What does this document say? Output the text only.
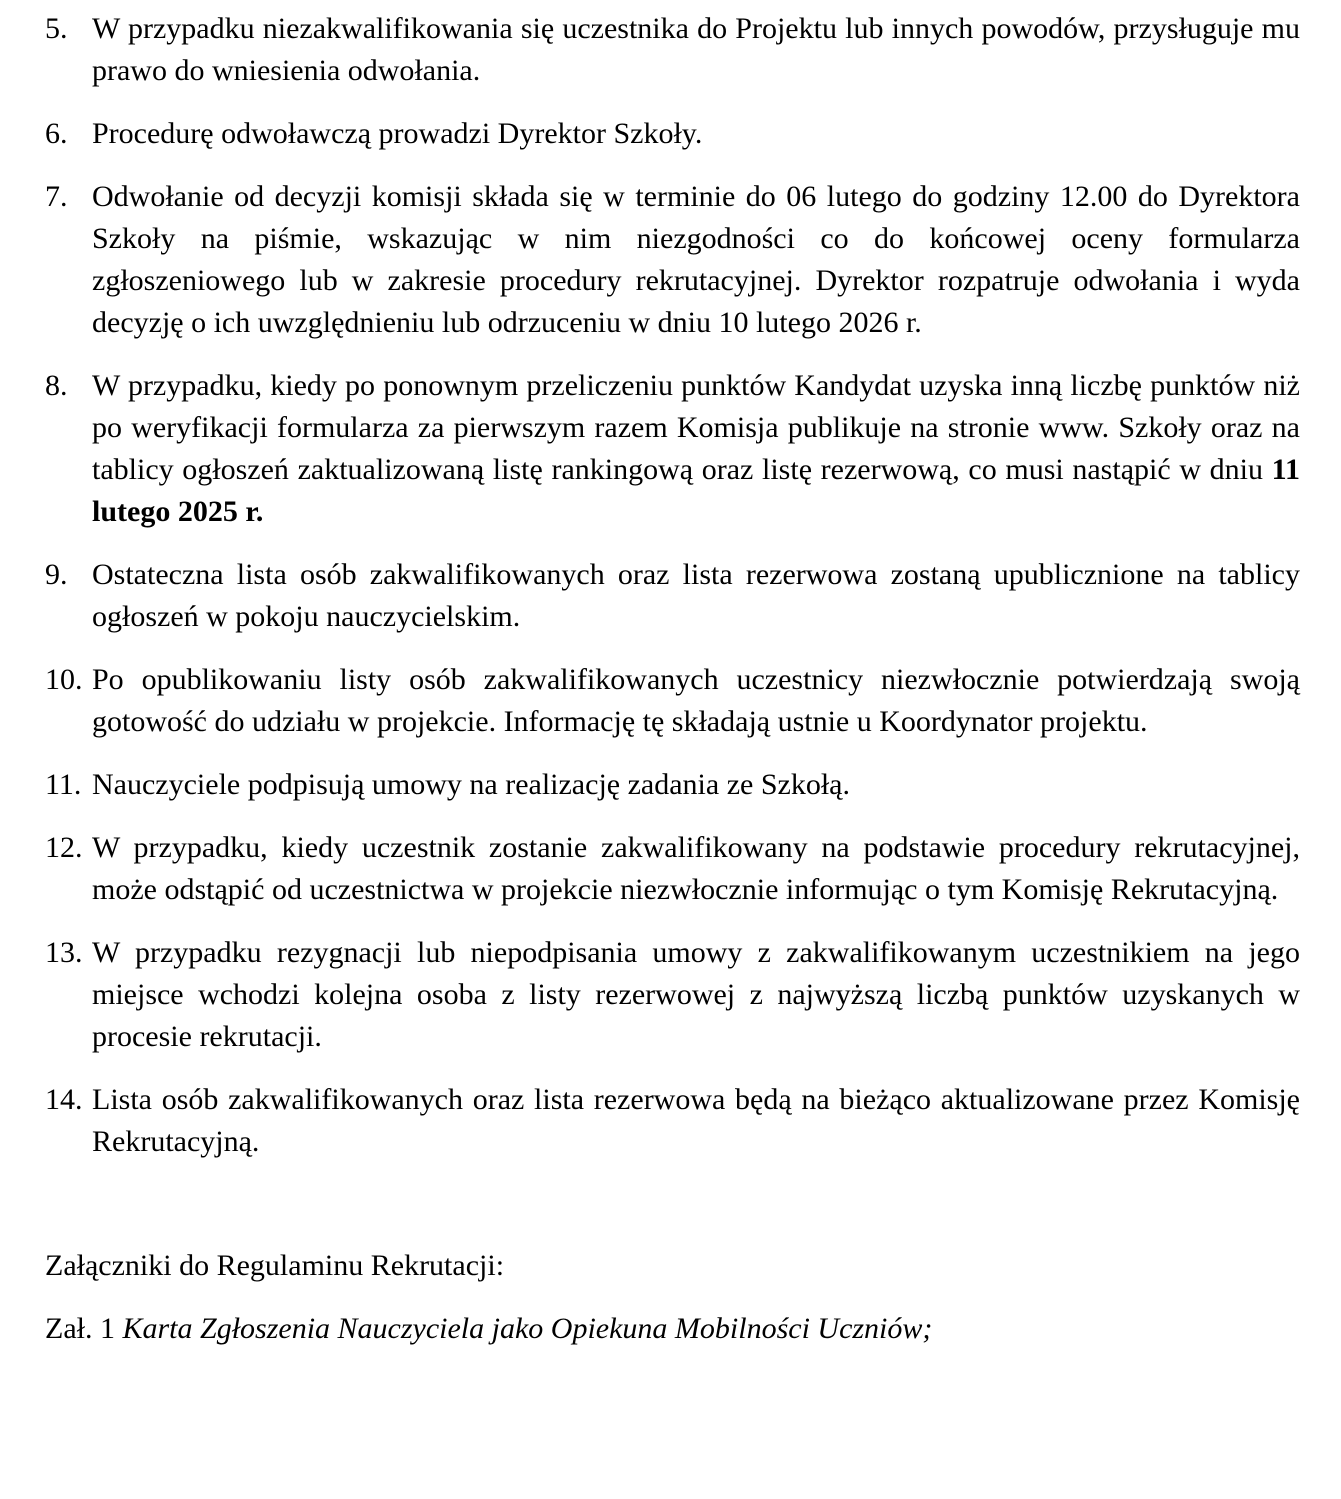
5. W przypadku niezakwalifikowania się uczestnika do Projektu lub innych powodów, przysługuje mu prawo do wniesienia odwołania.
6. Procedurę odwoławczą prowadzi Dyrektor Szkoły.
7. Odwołanie od decyzji komisji składa się w terminie do 06 lutego do godziny 12.00 do Dyrektora Szkoły na piśmie, wskazując w nim niezgodności co do końcowej oceny formularza zgłoszeniowego lub w zakresie procedury rekrutacyjnej. Dyrektor rozpatruje odwołania i wyda decyzję o ich uwzględnieniu lub odrzuceniu w dniu 10 lutego 2026 r.
8. W przypadku, kiedy po ponownym przeliczeniu punktów Kandydat uzyska inną liczbę punktów niż po weryfikacji formularza za pierwszym razem Komisja publikuje na stronie www. Szkoły oraz na tablicy ogłoszeń zaktualizowaną listę rankingową oraz listę rezerwową, co musi nastąpić w dniu 11 lutego 2025 r.
9. Ostateczna lista osób zakwalifikowanych oraz lista rezerwowa zostaną upublicznione na tablicy ogłoszeń w pokoju nauczycielskim.
10. Po opublikowaniu listy osób zakwalifikowanych uczestnicy niezwłocznie potwierdzają swoją gotowość do udziału w projekcie. Informację tę składają ustnie u Koordynator projektu.
11. Nauczyciele podpisują umowy na realizację zadania ze Szkołą.
12. W przypadku, kiedy uczestnik zostanie zakwalifikowany na podstawie procedury rekrutacyjnej, może odstąpić od uczestnictwa w projekcie niezwłocznie informując o tym Komisję Rekrutacyjną.
13. W przypadku rezygnacji lub niepodpisania umowy z zakwalifikowanym uczestnikiem na jego miejsce wchodzi kolejna osoba z listy rezerwowej z najwyższą liczbą punktów uzyskanych w procesie rekrutacji.
14. Lista osób zakwalifikowanych oraz lista rezerwowa będą na bieżąco aktualizowane przez Komisję Rekrutacyjną.

Załączniki do Regulaminu Rekrutacji:

Zał. 1 Karta Zgłoszenia Nauczyciela jako Opiekuna Mobilności Uczniów;
